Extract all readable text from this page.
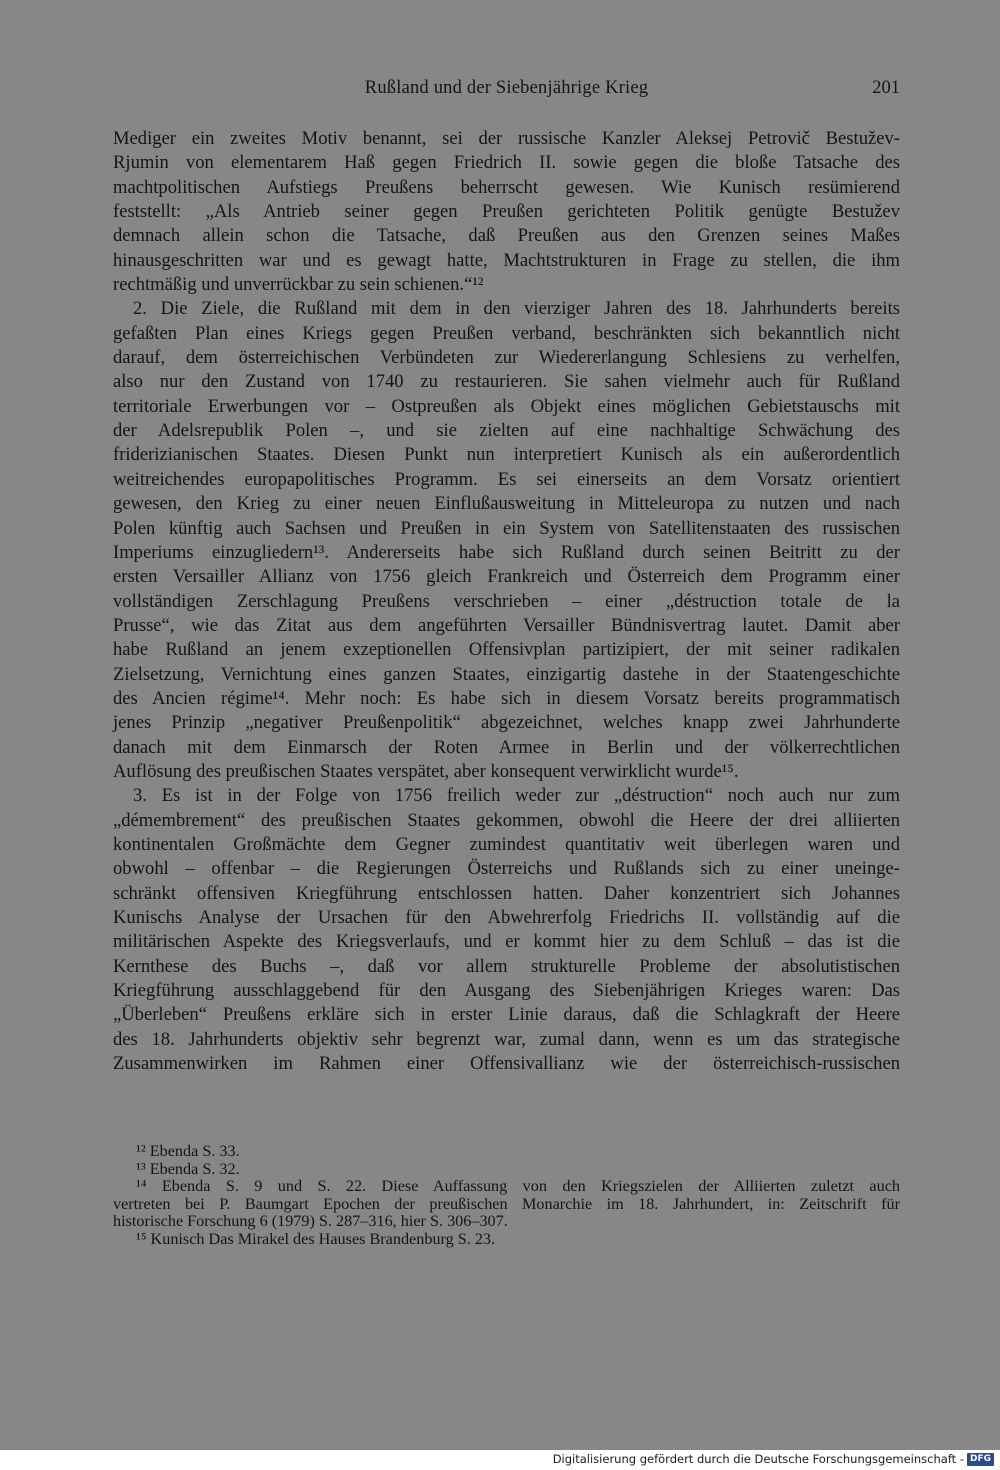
Rußland und der Siebenjährige Krieg	201
Mediger ein zweites Motiv benannt, sei der russische Kanzler Aleksej Petrovič Bestužev-
Rjumin von elementarem Haß gegen Friedrich II. sowie gegen die bloße Tatsache des
machtpolitischen Aufstiegs Preußens beherrscht gewesen. Wie Kunisch resümierend
feststellt: „Als Antrieb seiner gegen Preußen gerichteten Politik genügte Bestužev
demnach allein schon die Tatsache, daß Preußen aus den Grenzen seines Maßes
hinausgeschritten war und es gewagt hatte, Machtstrukturen in Frage zu stellen, die ihm
rechtmäßig und unverrückbar zu sein schienen.“¹²
2. Die Ziele, die Rußland mit dem in den vierziger Jahren des 18. Jahrhunderts bereits
gefaßten Plan eines Kriegs gegen Preußen verband, beschränkten sich bekanntlich nicht
darauf, dem österreichischen Verbündeten zur Wiedererlangung Schlesiens zu verhelfen,
also nur den Zustand von 1740 zu restaurieren. Sie sahen vielmehr auch für Rußland
territoriale Erwerbungen vor – Ostpreußen als Objekt eines möglichen Gebietstauschs mit
der Adelsrepublik Polen –, und sie zielten auf eine nachhaltige Schwächung des
friderizianischen Staates. Diesen Punkt nun interpretiert Kunisch als ein außerordentlich
weitreichendes europapolitisches Programm. Es sei einerseits an dem Vorsatz orientiert
gewesen, den Krieg zu einer neuen Einflußausweitung in Mitteleuropa zu nutzen und nach
Polen künftig auch Sachsen und Preußen in ein System von Satellitenstaaten des russischen
Imperiums einzugliedern¹³. Andererseits habe sich Rußland durch seinen Beitritt zu der
ersten Versailler Allianz von 1756 gleich Frankreich und Österreich dem Programm einer
vollständigen Zerschlagung Preußens verschrieben – einer „déstruction totale de la
Prusse“, wie das Zitat aus dem angeführten Versailler Bündnisvertrag lautet. Damit aber
habe Rußland an jenem exzeptionellen Offensivplan partizipiert, der mit seiner radikalen
Zielsetzung, Vernichtung eines ganzen Staates, einzigartig dastehe in der Staatengeschichte
des Ancien régime¹⁴. Mehr noch: Es habe sich in diesem Vorsatz bereits programmatisch
jenes Prinzip „negativer Preußenpolitik“ abgezeichnet, welches knapp zwei Jahrhunderte
danach mit dem Einmarsch der Roten Armee in Berlin und der völkerrechtlichen
Auflösung des preußischen Staates verspätet, aber konsequent verwirklicht wurde¹⁵.
3. Es ist in der Folge von 1756 freilich weder zur „déstruction“ noch auch nur zum
„démembrement“ des preußischen Staates gekommen, obwohl die Heere der drei alliierten
kontinentalen Großmächte dem Gegner zumindest quantitativ weit überlegen waren und
obwohl – offenbar – die Regierungen Österreichs und Rußlands sich zu einer uneinge-
schränkt offensiven Kriegführung entschlossen hatten. Daher konzentriert sich Johannes
Kunischs Analyse der Ursachen für den Abwehrerfolg Friedrichs II. vollständig auf die
militärischen Aspekte des Kriegsverlaufs, und er kommt hier zu dem Schluß – das ist die
Kernthese des Buchs –, daß vor allem strukturelle Probleme der absolutistischen
Kriegführung ausschlaggebend für den Ausgang des Siebenjährigen Krieges waren: Das
„Überleben“ Preußens erkläre sich in erster Linie daraus, daß die Schlagkraft der Heere
des 18. Jahrhunderts objektiv sehr begrenzt war, zumal dann, wenn es um das strategische
Zusammenwirken im Rahmen einer Offensivallianz wie der österreichisch-russischen
¹² Ebenda S. 33.
¹³ Ebenda S. 32.
¹⁴ Ebenda S. 9 und S. 22. Diese Auffassung von den Kriegszielen der Alliierten zuletzt auch
vertreten bei P. Baumgart Epochen der preußischen Monarchie im 18. Jahrhundert, in: Zeitschrift für
historische Forschung 6 (1979) S. 287–316, hier S. 306–307.
¹⁵ Kunisch Das Mirakel des Hauses Brandenburg S. 23.
Digitalisierung gefördert durch die Deutsche Forschungsgemeinschaft - DFG
